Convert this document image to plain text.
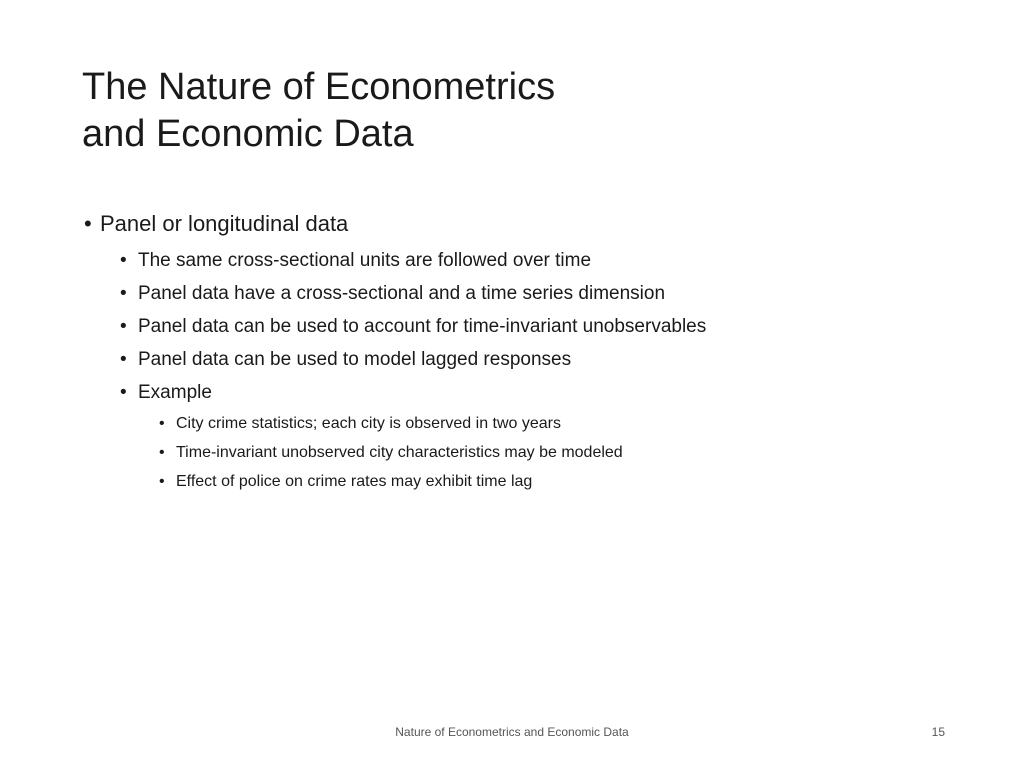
The Nature of Econometrics
and Economic Data
• Panel or longitudinal data
• The same cross-sectional units are followed over time
• Panel data have a cross-sectional and a time series dimension
• Panel data can be used to account for time-invariant unobservables
• Panel data can be used to model lagged responses
• Example
• City crime statistics; each city is observed in two years
• Time-invariant unobserved city characteristics may be modeled
• Effect of police on crime rates may exhibit time lag
Nature of Econometrics and Economic Data	15
